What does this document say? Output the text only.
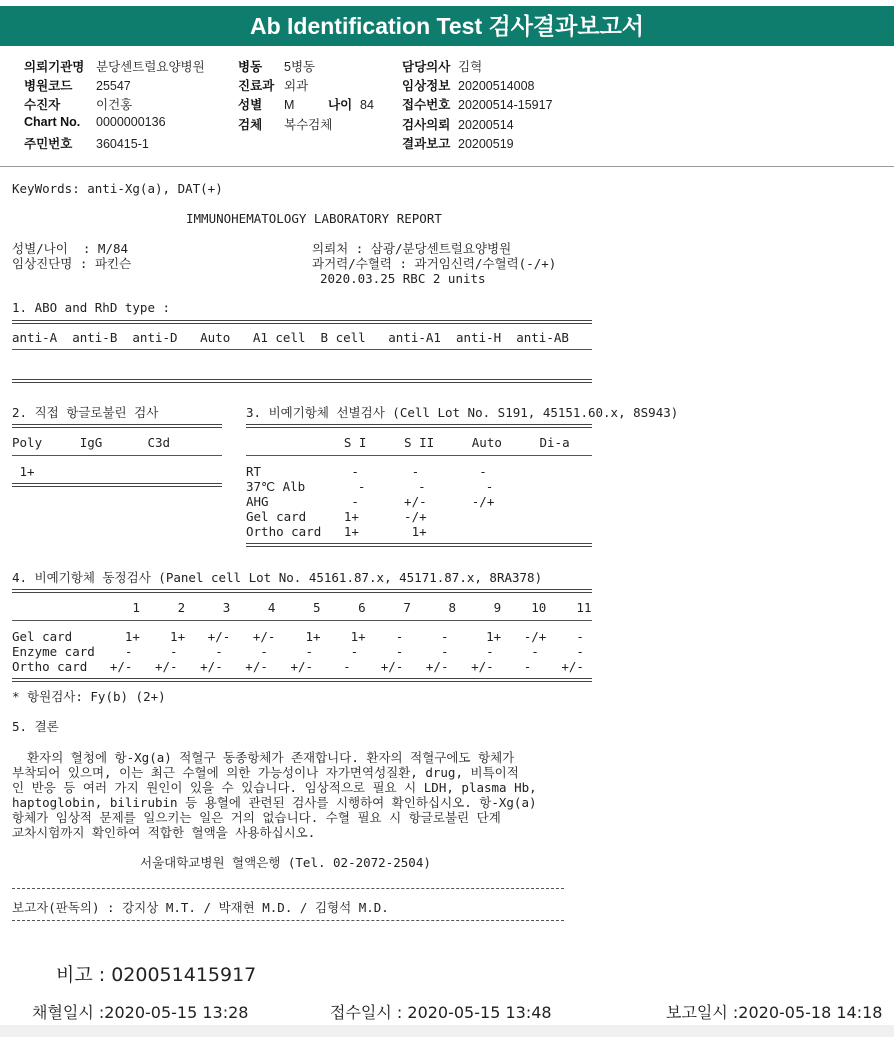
Ab Identification Test 검사결과보고서
의뢰기관명 분당센트럴요양병원
병원코드 25547
수진자	이건홍
Chart No. 0000000136
주민번호 360415-1
병동 5병동
진료과 외과
성별 M	나이 84
검체 복수검체
담당의사 김혁
임상정보 20200514008
접수번호 20200514-15917
검사의뢰 20200514
결과보고 20200519
KeyWords: anti-Xg(a), DAT(+)
IMMUNOHEMATOLOGY LABORATORY REPORT
성별/나이  : M/84
임상진단명 : 파킨슨
의뢰처 : 삼광/분당센트럴요양병원
과거력/수혈력 : 과거임신력/수혈력(-/+)
2020.03.25 RBC 2 units
1. ABO and RhD type :
anti-A  anti-B  anti-D   Auto   A1 cell  B cell   anti-A1  anti-H  anti-AB
2. 직접 항글로불린 검사
Poly     IgG      C3d
1+
3. 비예기항체 선별검사 (Cell Lot No. S191, 45151.60.x, 8S943)
S I     S II     Auto     Di-a
RT            -       -        -
37℃ Alb       -       -        -
AHG           -      +/-      -/+
Gel card     1+      -/+
Ortho card   1+       1+
4. 비예기항체 동정검사 (Panel cell Lot No. 45161.87.x, 45171.87.x, 8RA378)
1     2     3     4     5     6     7     8     9    10    11
Gel card       1+    1+   +/-   +/-    1+    1+    -     -     1+   -/+    -
Enzyme card    -     -     -     -     -     -     -     -     -     -     -
Ortho card   +/-   +/-   +/-   +/-   +/-    -    +/-   +/-   +/-    -    +/-
* 항원검사: Fy(b) (2+)
5. 결론
환자의 혈청에 항-Xg(a) 적혈구 동종항체가 존재합니다. 환자의 적혈구에도 항체가
부착되어 있으며, 이는 최근 수혈에 의한 가능성이나 자가면역성질환, drug, 비특이적
인 반응 등 여러 가지 원인이 있을 수 있습니다. 임상적으로 필요 시 LDH, plasma Hb,
haptoglobin, bilirubin 등 용혈에 관련된 검사를 시행하여 확인하십시오. 항-Xg(a)
항체가 임상적 문제를 일으키는 일은 거의 없습니다. 수혈 필요 시 항글로불린 단계
교차시험까지 확인하여 적합한 혈액을 사용하십시오.
서울대학교병원 혈액은행 (Tel. 02-2072-2504)
보고자(판독의) : 강지상 M.T. / 박재현 M.D. / 김형석 M.D.
비고 : 020051415917
채혈일시 :2020-05-15 13:28	접수일시 : 2020-05-15 13:48	보고일시 :2020-05-18 14:18
